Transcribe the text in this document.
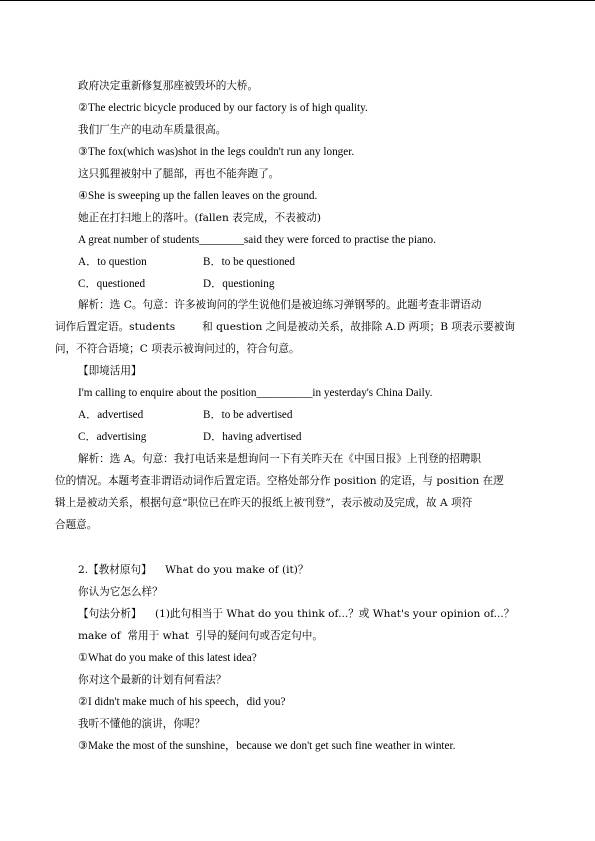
政府决定重新修复那座被毁坏的大桥。
②The electric bicycle produced by our factory is of high quality.
我们厂生产的电动车质量很高。
③The fox(which was)shot in the legs couldn't run any longer.
这只狐狸被射中了腿部，再也不能奔跑了。
④She is sweeping up the fallen leaves on the ground.
她正在打扫地上的落叶。(fallen 表完成，不表被动)
A great number of students________said they were forced to practise the piano.
A．to question	B．to be questioned
C．questioned	D．questioning
解析：选 C。句意：许多被询问的学生说他们是被迫练习弹钢琴的。此题考查非谓语动
词作后置定语。students        和 question 之间是被动关系，故排除 A.D 两项；B 项表示要被询
问，不符合语境；C 项表示被询问过的，符合句意。
【即境活用】
I'm calling to enquire about the position__________in yesterday's China Daily.
A．advertised	B．to be advertised
C．advertising	D．having advertised
解析：选 A。句意：我打电话来是想询问一下有关昨天在《中国日报》上刊登的招聘职
位的情况。本题考查非谓语动词作后置定语。空格处部分作 position 的定语，与 position 在逻
辑上是被动关系，根据句意“职位已在昨天的报纸上被刊登”，表示被动及完成，故 A 项符
合题意。
2.【教材原句】    What do you make of (it)？
你认为它怎么样？
【句法分析】    (1)此句相当于 What do you think of...？或 What's your opinion of...？
make of  常用于 what  引导的疑问句或否定句中。
①What do you make of this latest idea?
你对这个最新的计划有何看法？
②I didn't make much of his speech，did you?
我听不懂他的演讲，你呢？
③Make the most of the sunshine，because we don't get such fine weather in winter.
